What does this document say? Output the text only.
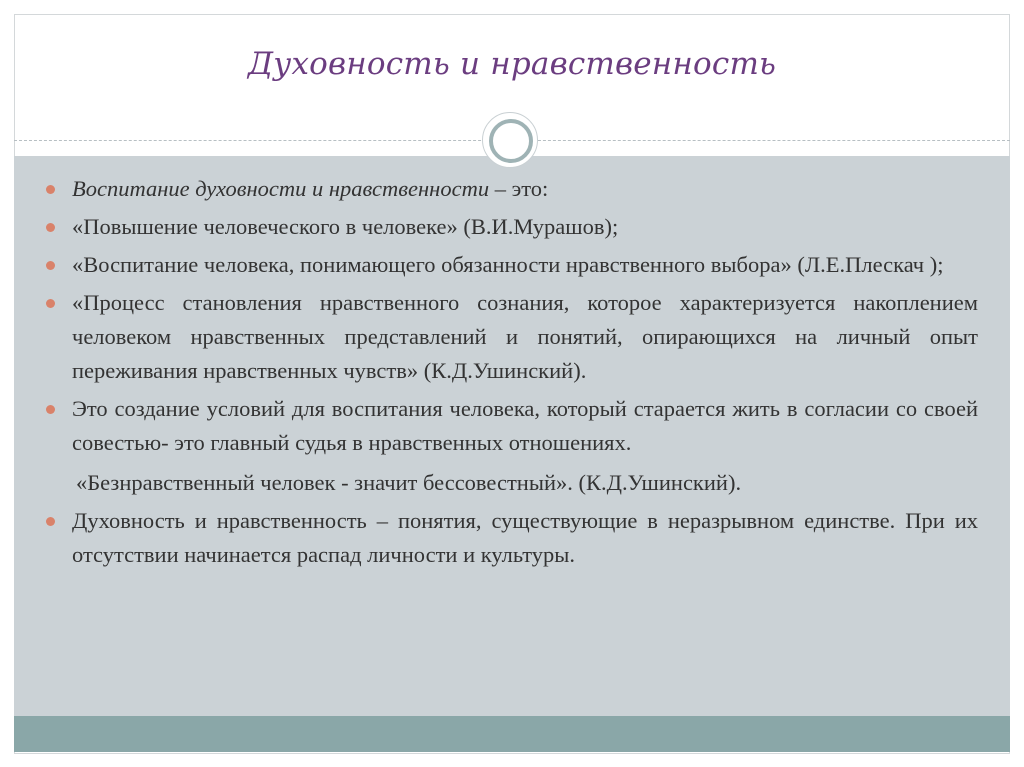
Духовность и нравственность
Воспитание духовности и нравственности – это:
«Повышение человеческого в человеке» (В.И.Мурашов);
«Воспитание человека, понимающего обязанности нравственного выбора» (Л.Е.Плескач );
«Процесс становления нравственного сознания, которое характеризуется накоплением человеком нравственных представлений и понятий, опирающихся на личный опыт переживания нравственных чувств» (К.Д.Ушинский).
Это создание условий для воспитания человека, который старается жить в согласии со своей совестью- это главный судья в нравственных отношениях.
«Безнравственный человек - значит бессовестный». (К.Д.Ушинский).
Духовность и нравственность – понятия, существующие в неразрывном единстве. При их отсутствии начинается распад личности и культуры.
